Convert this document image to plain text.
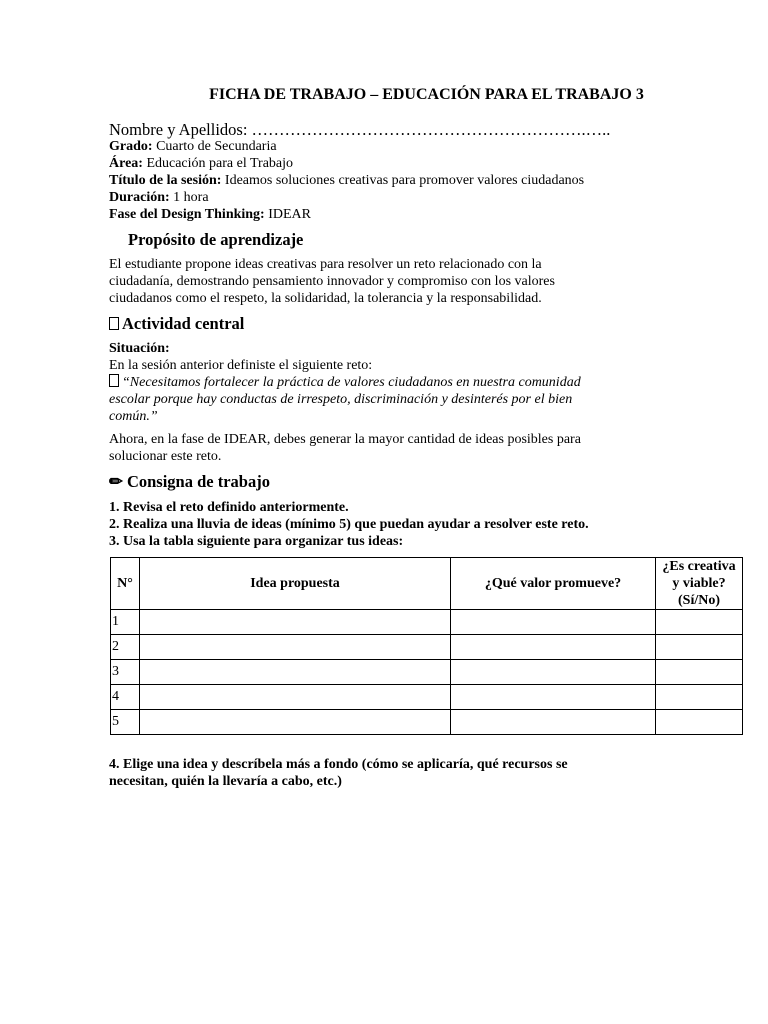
FICHA DE TRABAJO – EDUCACIÓN PARA EL TRABAJO 3
Nombre y Apellidos: …………………………………………………….…..
Grado: Cuarto de Secundaria
Área: Educación para el Trabajo
Título de la sesión: Ideamos soluciones creativas para promover valores ciudadanos
Duración: 1 hora
Fase del Design Thinking: IDEAR
Propósito de aprendizaje
El estudiante propone ideas creativas para resolver un reto relacionado con la
ciudadanía, demostrando pensamiento innovador y compromiso con los valores
ciudadanos como el respeto, la solidaridad, la tolerancia y la responsabilidad.
Actividad central
Situación:
En la sesión anterior definiste el siguiente reto:
“Necesitamos fortalecer la práctica de valores ciudadanos en nuestra comunidad
escolar porque hay conductas de irrespeto, discriminación y desinterés por el bien
común.”
Ahora, en la fase de IDEAR, debes generar la mayor cantidad de ideas posibles para
solucionar este reto.
✏ Consigna de trabajo
1. Revisa el reto definido anteriormente.
2. Realiza una lluvia de ideas (mínimo 5) que puedan ayudar a resolver este reto.
3. Usa la tabla siguiente para organizar tus ideas:
N°	Idea propuesta	¿Qué valor promueve?	¿Es creativa
y viable?
(Sí/No)

1			
2			
3			
4			
5			
4. Elige una idea y descríbela más a fondo (cómo se aplicaría, qué recursos se
necesitan, quién la llevaría a cabo, etc.)
